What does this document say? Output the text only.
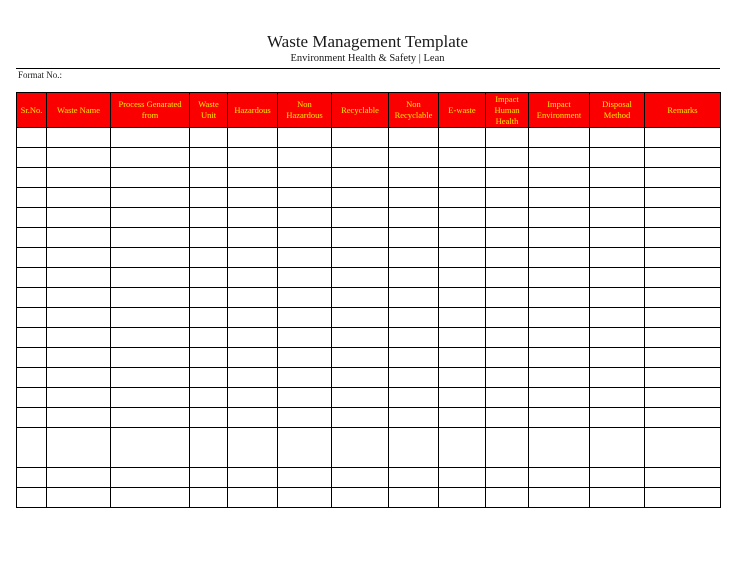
Waste Management Template
Environment Health & Safety | Lean
Format No.:
Sr.No.	Waste Name	Process Genarated from	Waste Unit	Hazardous	Non Hazardous	Recyclable	Non Recyclable	E-waste	Impact Human Health	Impact Environment	Disposal Method	Remarks
